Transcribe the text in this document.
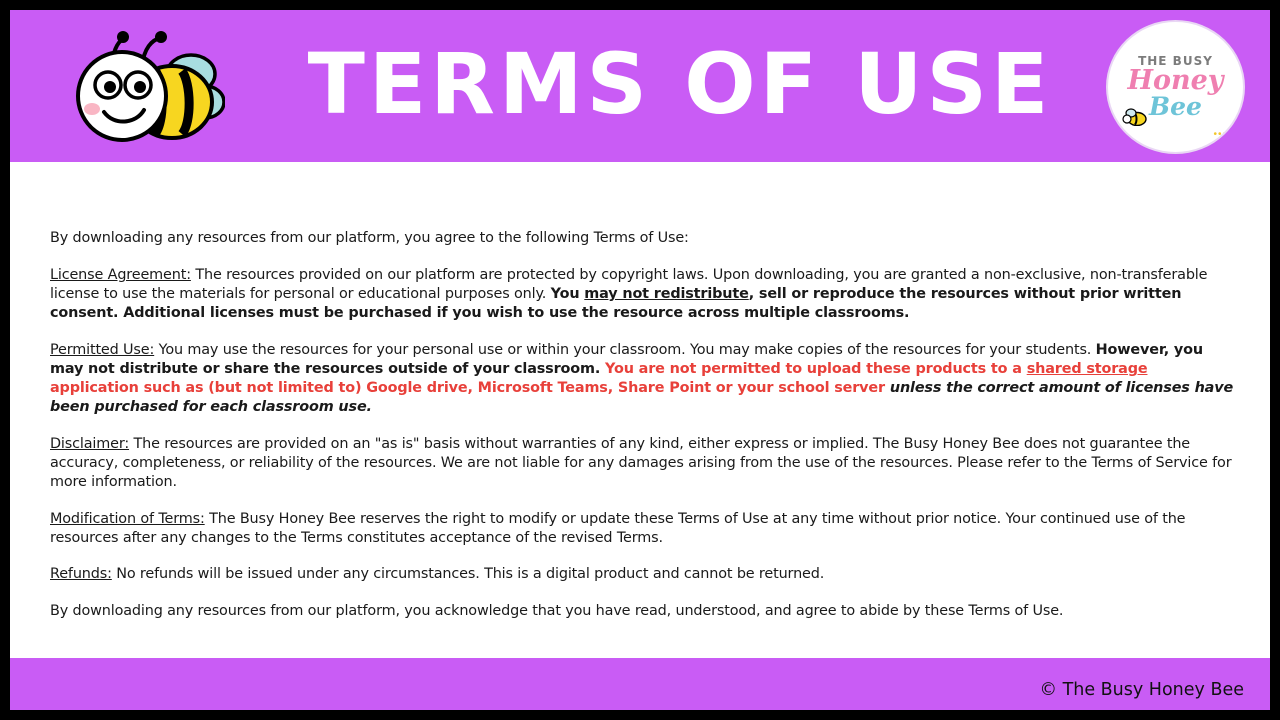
TERMS OF USE	THE BUSY
Honey
Bee
•••

By downloading any resources from our platform, you agree to the following Terms of Use:

License Agreement: The resources provided on our platform are protected by copyright laws. Upon downloading, you are granted a non-exclusive, non-transferable license to use the materials for personal or educational purposes only. You may not redistribute, sell or reproduce the resources without prior written consent. Additional licenses must be purchased if you wish to use the resource across multiple classrooms.

Permitted Use: You may use the resources for your personal use or within your classroom. You may make copies of the resources for your students. However, you may not distribute or share the resources outside of your classroom. You are not permitted to upload these products to a shared storage application such as (but not limited to) Google drive, Microsoft Teams, Share Point or your school server unless the correct amount of licenses have been purchased for each classroom use.

Disclaimer: The resources are provided on an "as is" basis without warranties of any kind, either express or implied. The Busy Honey Bee does not guarantee the accuracy, completeness, or reliability of the resources. We are not liable for any damages arising from the use of the resources. Please refer to the Terms of Service for more information.

Modification of Terms: The Busy Honey Bee reserves the right to modify or update these Terms of Use at any time without prior notice. Your continued use of the resources after any changes to the Terms constitutes acceptance of the revised Terms.

Refunds: No refunds will be issued under any circumstances. This is a digital product and cannot be returned.

By downloading any resources from our platform, you acknowledge that you have read, understood, and agree to abide by these Terms of Use.

© The Busy Honey Bee
